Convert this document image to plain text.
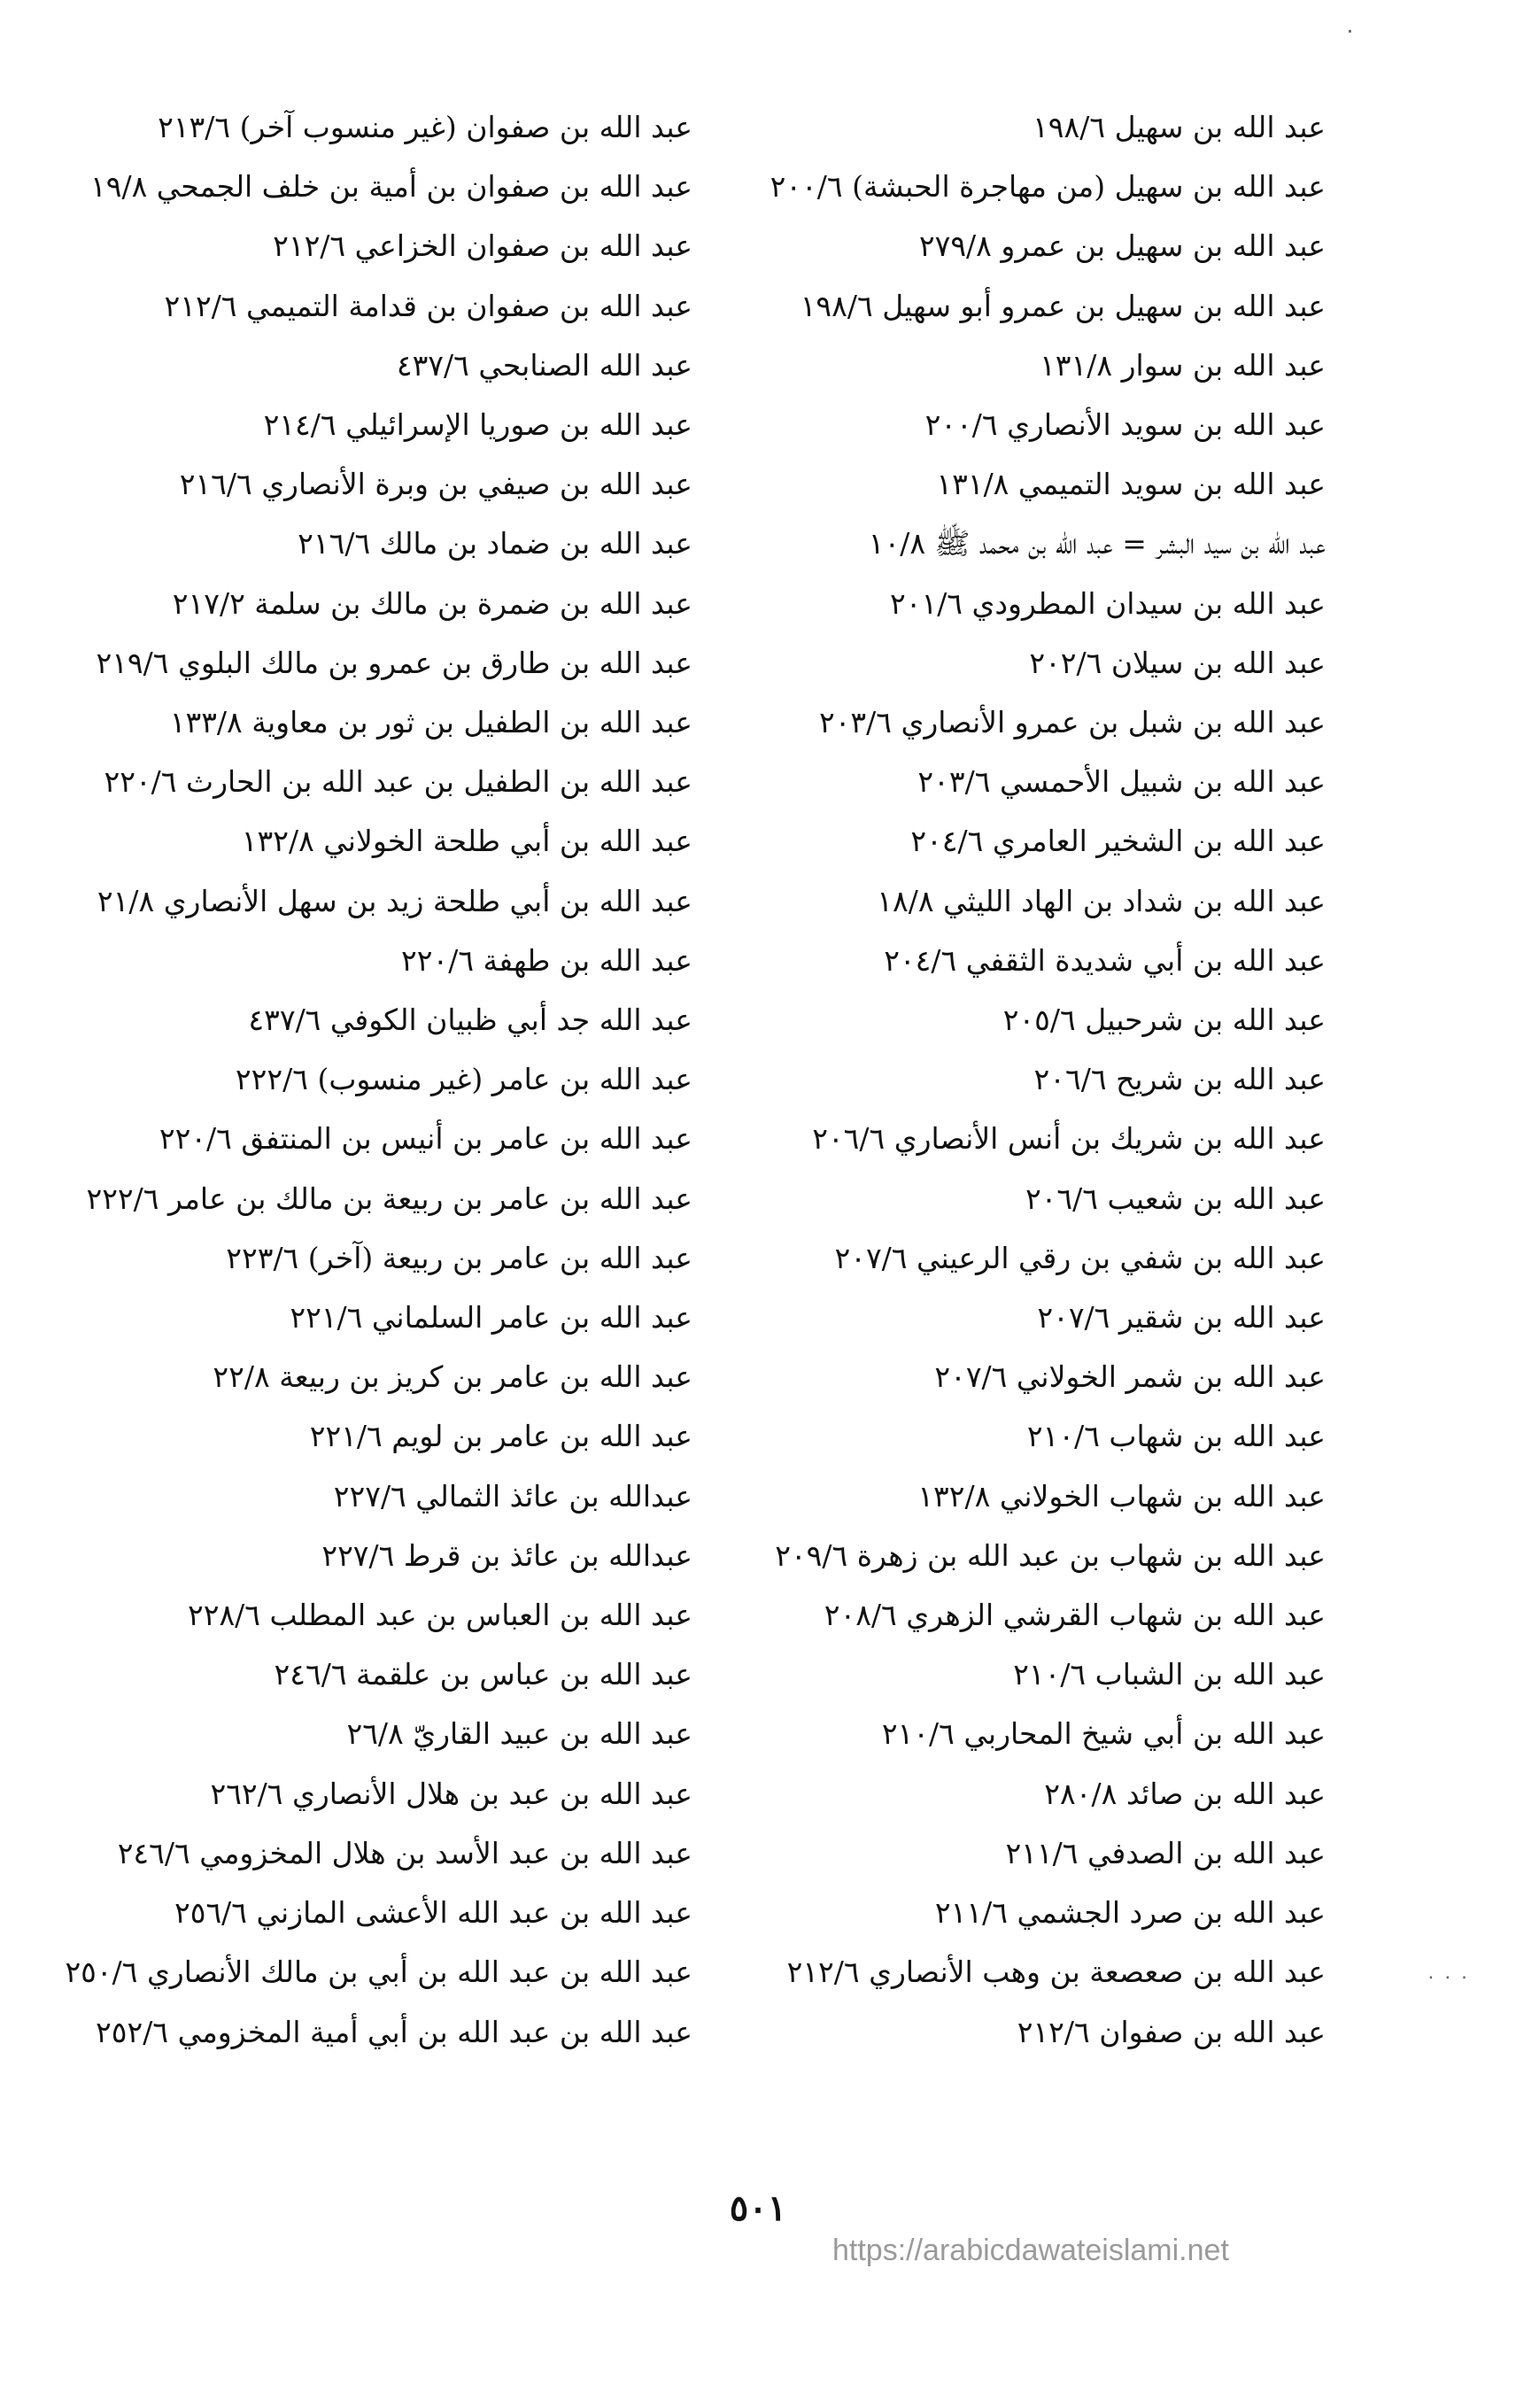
٠

عبد الله بن سهيل ١٩٨/٦

عبد الله بن سهيل (من مهاجرة الحبشة) ٢٠٠/٦

عبد الله بن سهيل بن عمرو ٢٧٩/٨

عبد الله بن سهيل بن عمرو أبو سهيل ١٩٨/٦

عبد الله بن سوار ١٣١/٨

عبد الله بن سويد الأنصاري ٢٠٠/٦

عبد الله بن سويد التميمي ١٣١/٨

عبد الله بن سيد البشر = عبد الله بن محمد ﷺ ١٠/٨

عبد الله بن سيدان المطرودي ٢٠١/٦

عبد الله بن سيلان ٢٠٢/٦

عبد الله بن شبل بن عمرو الأنصاري ٢٠٣/٦

عبد الله بن شبيل الأحمسي ٢٠٣/٦

عبد الله بن الشخير العامري ٢٠٤/٦

عبد الله بن شداد بن الهاد الليثي ١٨/٨

عبد الله بن أبي شديدة الثقفي ٢٠٤/٦

عبد الله بن شرحبيل ٢٠٥/٦

عبد الله بن شريح ٢٠٦/٦

عبد الله بن شريك بن أنس الأنصاري ٢٠٦/٦

عبد الله بن شعيب ٢٠٦/٦

عبد الله بن شفي بن رقي الرعيني ٢٠٧/٦

عبد الله بن شقير ٢٠٧/٦

عبد الله بن شمر الخولاني ٢٠٧/٦

عبد الله بن شهاب ٢١٠/٦

عبد الله بن شهاب الخولاني ١٣٢/٨

عبد الله بن شهاب بن عبد الله بن زهرة ٢٠٩/٦

عبد الله بن شهاب القرشي الزهري ٢٠٨/٦

عبد الله بن الشباب ٢١٠/٦

عبد الله بن أبي شيخ المحاربي ٢١٠/٦

عبد الله بن صائد ٢٨٠/٨

عبد الله بن الصدفي ٢١١/٦

عبد الله بن صرد الجشمي ٢١١/٦

عبد الله بن صعصعة بن وهب الأنصاري ٢١٢/٦

عبد الله بن صفوان ٢١٢/٦

عبد الله بن صفوان (غير منسوب آخر) ٢١٣/٦

عبد الله بن صفوان بن أمية بن خلف الجمحي ١٩/٨

عبد الله بن صفوان الخزاعي ٢١٢/٦

عبد الله بن صفوان بن قدامة التميمي ٢١٢/٦

عبد الله الصنابحي ٤٣٧/٦

عبد الله بن صوريا الإسرائيلي ٢١٤/٦

عبد الله بن صيفي بن وبرة الأنصاري ٢١٦/٦

عبد الله بن ضماد بن مالك ٢١٦/٦

عبد الله بن ضمرة بن مالك بن سلمة ٢١٧/٢

عبد الله بن طارق بن عمرو بن مالك البلوي ٢١٩/٦

عبد الله بن الطفيل بن ثور بن معاوية ١٣٣/٨

عبد الله بن الطفيل بن عبد الله بن الحارث ٢٢٠/٦

عبد الله بن أبي طلحة الخولاني ١٣٢/٨

عبد الله بن أبي طلحة زيد بن سهل الأنصاري ٢١/٨

عبد الله بن طهفة ٢٢٠/٦

عبد الله جد أبي ظبيان الكوفي ٤٣٧/٦

عبد الله بن عامر (غير منسوب) ٢٢٢/٦

عبد الله بن عامر بن أنيس بن المنتفق ٢٢٠/٦

عبد الله بن عامر بن ربيعة بن مالك بن عامر ٢٢٢/٦

عبد الله بن عامر بن ربيعة (آخر) ٢٢٣/٦

عبد الله بن عامر السلماني ٢٢١/٦

عبد الله بن عامر بن كريز بن ربيعة ٢٢/٨

عبد الله بن عامر بن لويم ٢٢١/٦

عبدالله بن عائذ الثمالي ٢٢٧/٦

عبدالله بن عائذ بن قرط ٢٢٧/٦

عبد الله بن العباس بن عبد المطلب ٢٢٨/٦

عبد الله بن عباس بن علقمة ٢٤٦/٦

عبد الله بن عبيد القاريّ ٢٦/٨

عبد الله بن عبد بن هلال الأنصاري ٢٦٢/٦

عبد الله بن عبد الأسد بن هلال المخزومي ٢٤٦/٦

عبد الله بن عبد الله الأعشى المازني ٢٥٦/٦

عبد الله بن عبد الله بن أبي بن مالك الأنصاري ٢٥٠/٦

عبد الله بن عبد الله بن أبي أمية المخزومي ٢٥٢/٦

٠ ٠ ٠
٥٠١
https://arabicdawateislami.net
